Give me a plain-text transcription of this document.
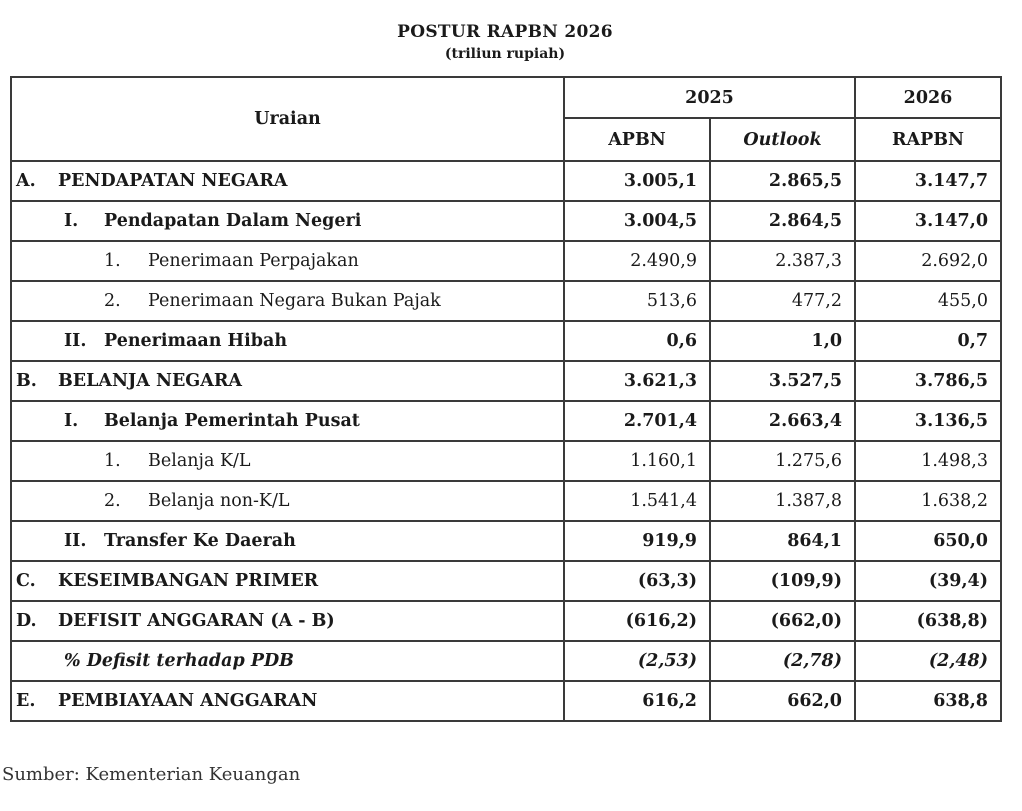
POSTUR RAPBN 2026
(triliun rupiah)
Uraian	2025		2026
	APBN	Outlook	RAPBN

A. PENDAPATAN NEGARA	3.005,1	2.865,5	3.147,7

I. Pendapatan Dalam Negeri	3.004,5	2.864,5	3.147,0

1. Penerimaan Perpajakan	2.490,9	2.387,3	2.692,0

2. Penerimaan Negara Bukan Pajak	513,6	477,2	455,0

II. Penerimaan Hibah	0,6	1,0	0,7

B. BELANJA NEGARA	3.621,3	3.527,5	3.786,5

I. Belanja Pemerintah Pusat	2.701,4	2.663,4	3.136,5

1. Belanja K/L	1.160,1	1.275,6	1.498,3

2. Belanja non-K/L	1.541,4	1.387,8	1.638,2

II. Transfer Ke Daerah	919,9	864,1	650,0

C. KESEIMBANGAN PRIMER	(63,3)	(109,9)	(39,4)

D. DEFISIT ANGGARAN (A - B)	(616,2)	(662,0)	(638,8)
% Defisit terhadap PDB	(2,53)	(2,78)	(2,48)

E. PEMBIAYAAN ANGGARAN	616,2	662,0	638,8
Sumber: Kementerian Keuangan
